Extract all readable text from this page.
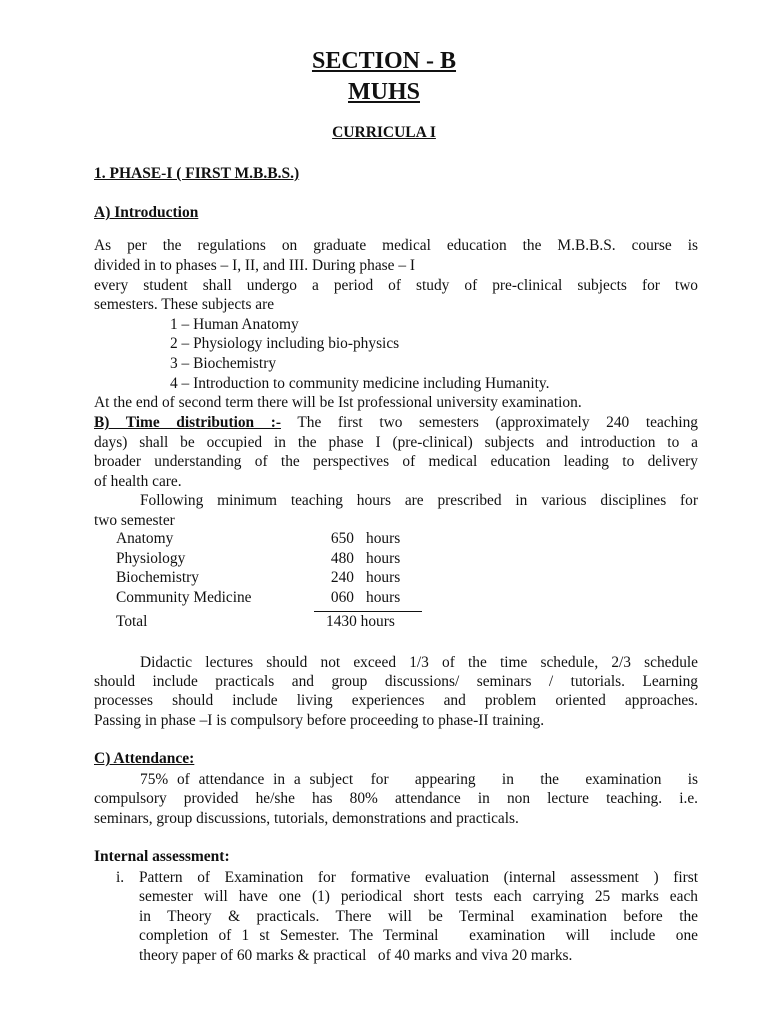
SECTION - B
MUHS
CURRICULA I
1. PHASE-I ( FIRST M.B.B.S.)
A) Introduction
As per the regulations on graduate medical education the M.B.B.S. course is
divided in to phases – I, II, and III. During phase – I
every student shall undergo a period of study of pre-clinical subjects for two
semesters. These subjects are
1 – Human Anatomy
2 – Physiology including bio-physics
3 – Biochemistry
4 – Introduction to community medicine including Humanity.
At the end of second term there will be Ist professional university examination.
B) Time distribution :- The first two semesters (approximately 240 teaching
days) shall be occupied in the phase I (pre-clinical) subjects and introduction to a
broader understanding of the perspectives of medical education leading to delivery
of health care.
Following minimum teaching hours are prescribed in various disciplines for
two semester
Anatomy	650 hours
Physiology	480 hours
Biochemistry	240 hours
Community Medicine	060 hours
Total	1430 hours
Didactic lectures should not exceed 1/3 of the time schedule, 2/3 schedule
should include practicals and group discussions/ seminars / tutorials. Learning
processes should include living experiences and problem oriented approaches.
Passing in phase –I is compulsory before proceeding to phase-II training.
C) Attendance:
75% of attendance in a subject  for   appearing   in   the   examination   is
compulsory provided he/she has 80% attendance in non lecture teaching. i.e.
seminars, group discussions, tutorials, demonstrations and practicals.
Internal assessment:
i. Pattern of Examination for formative evaluation (internal assessment ) first
semester will have one (1) periodical short tests each carrying 25 marks each
in Theory & practicals. There will be Terminal examination before the
completion of 1 st Semester. The Terminal   examination  will  include  one
theory paper of 60 marks & practical   of 40 marks and viva 20 marks.
